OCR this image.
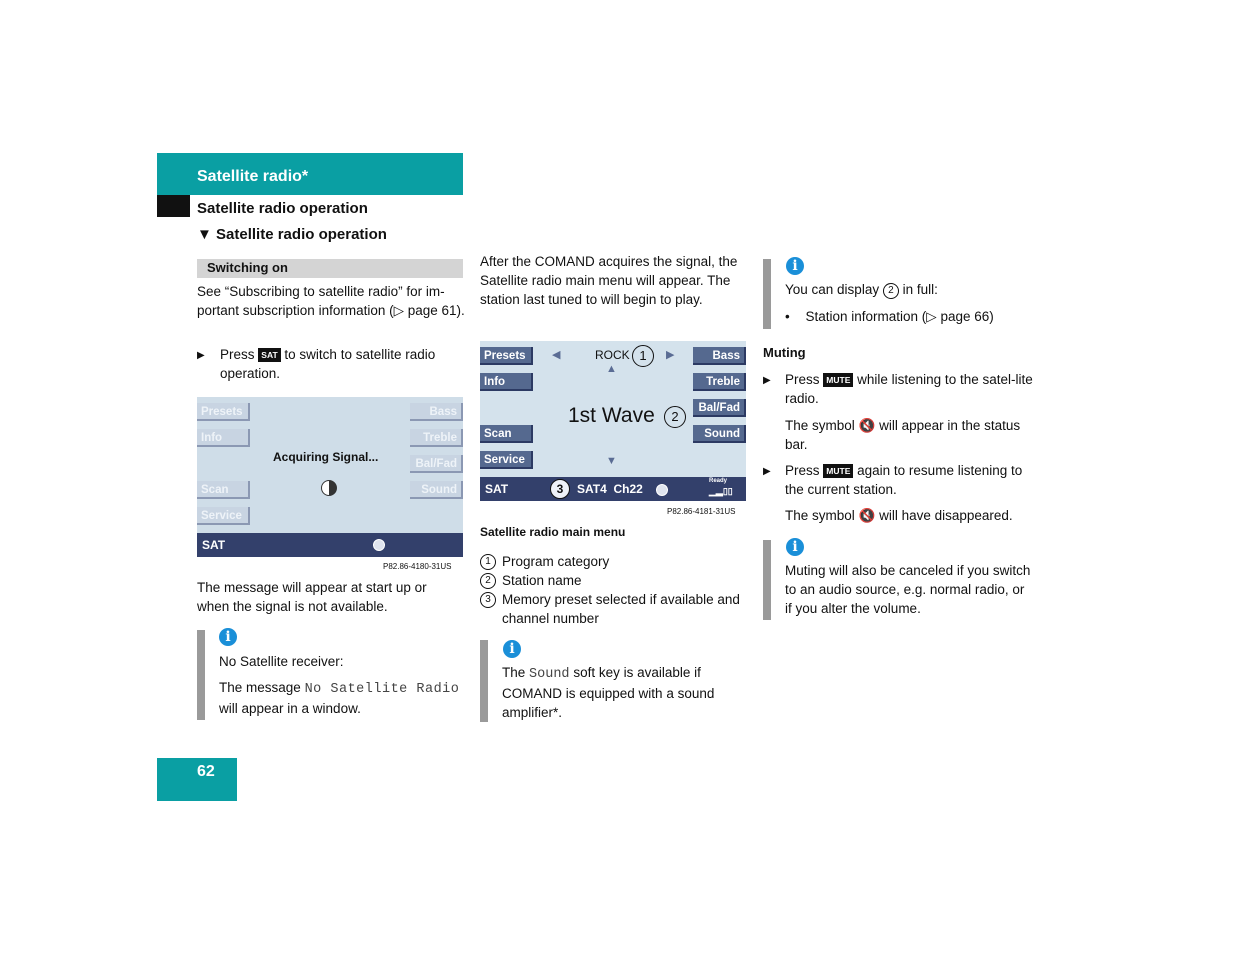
Satellite radio*
Satellite radio operation
▼ Satellite radio operation
Switching on
See “Subscribing to satellite radio” for im-portant subscription information (▷ page 61).
▶ Press SAT to switch to satellite radio operation.
Presets
Info
Scan
Service
Bass
Treble
Bal/Fad
Sound
Acquiring Signal...
SAT
P82.86-4180-31US
The message will appear at start up or when the signal is not available.
i
No Satellite receiver:
The message No Satellite Radio will appear in a window.
After the COMAND acquires the signal, the Satellite radio main menu will appear. The station last tuned to will begin to play.
Presets
Info
Scan
Service
Bass
Treble
Bal/Fad
Sound
◀	ROCK 1	▶
▲
1st Wave	2
▼
SAT	3	SAT4  Ch22
Ready
▁▂▯▯
P82.86-4181-31US
Satellite radio main menu
1 Program category
2 Station name
3 Memory preset selected if available and channel number
i
The Sound soft key is available if COMAND is equipped with a sound amplifier*.
i
You can display 2 in full:
• Station information (▷ page 66)
Muting
▶ Press MUTE while listening to the satel-lite radio.
The symbol 🔇 will appear in the status bar.
▶ Press MUTE again to resume listening to the current station.
The symbol 🔇 will have disappeared.
i
Muting will also be canceled if you switch to an audio source, e.g. normal radio, or if you alter the volume.
62
